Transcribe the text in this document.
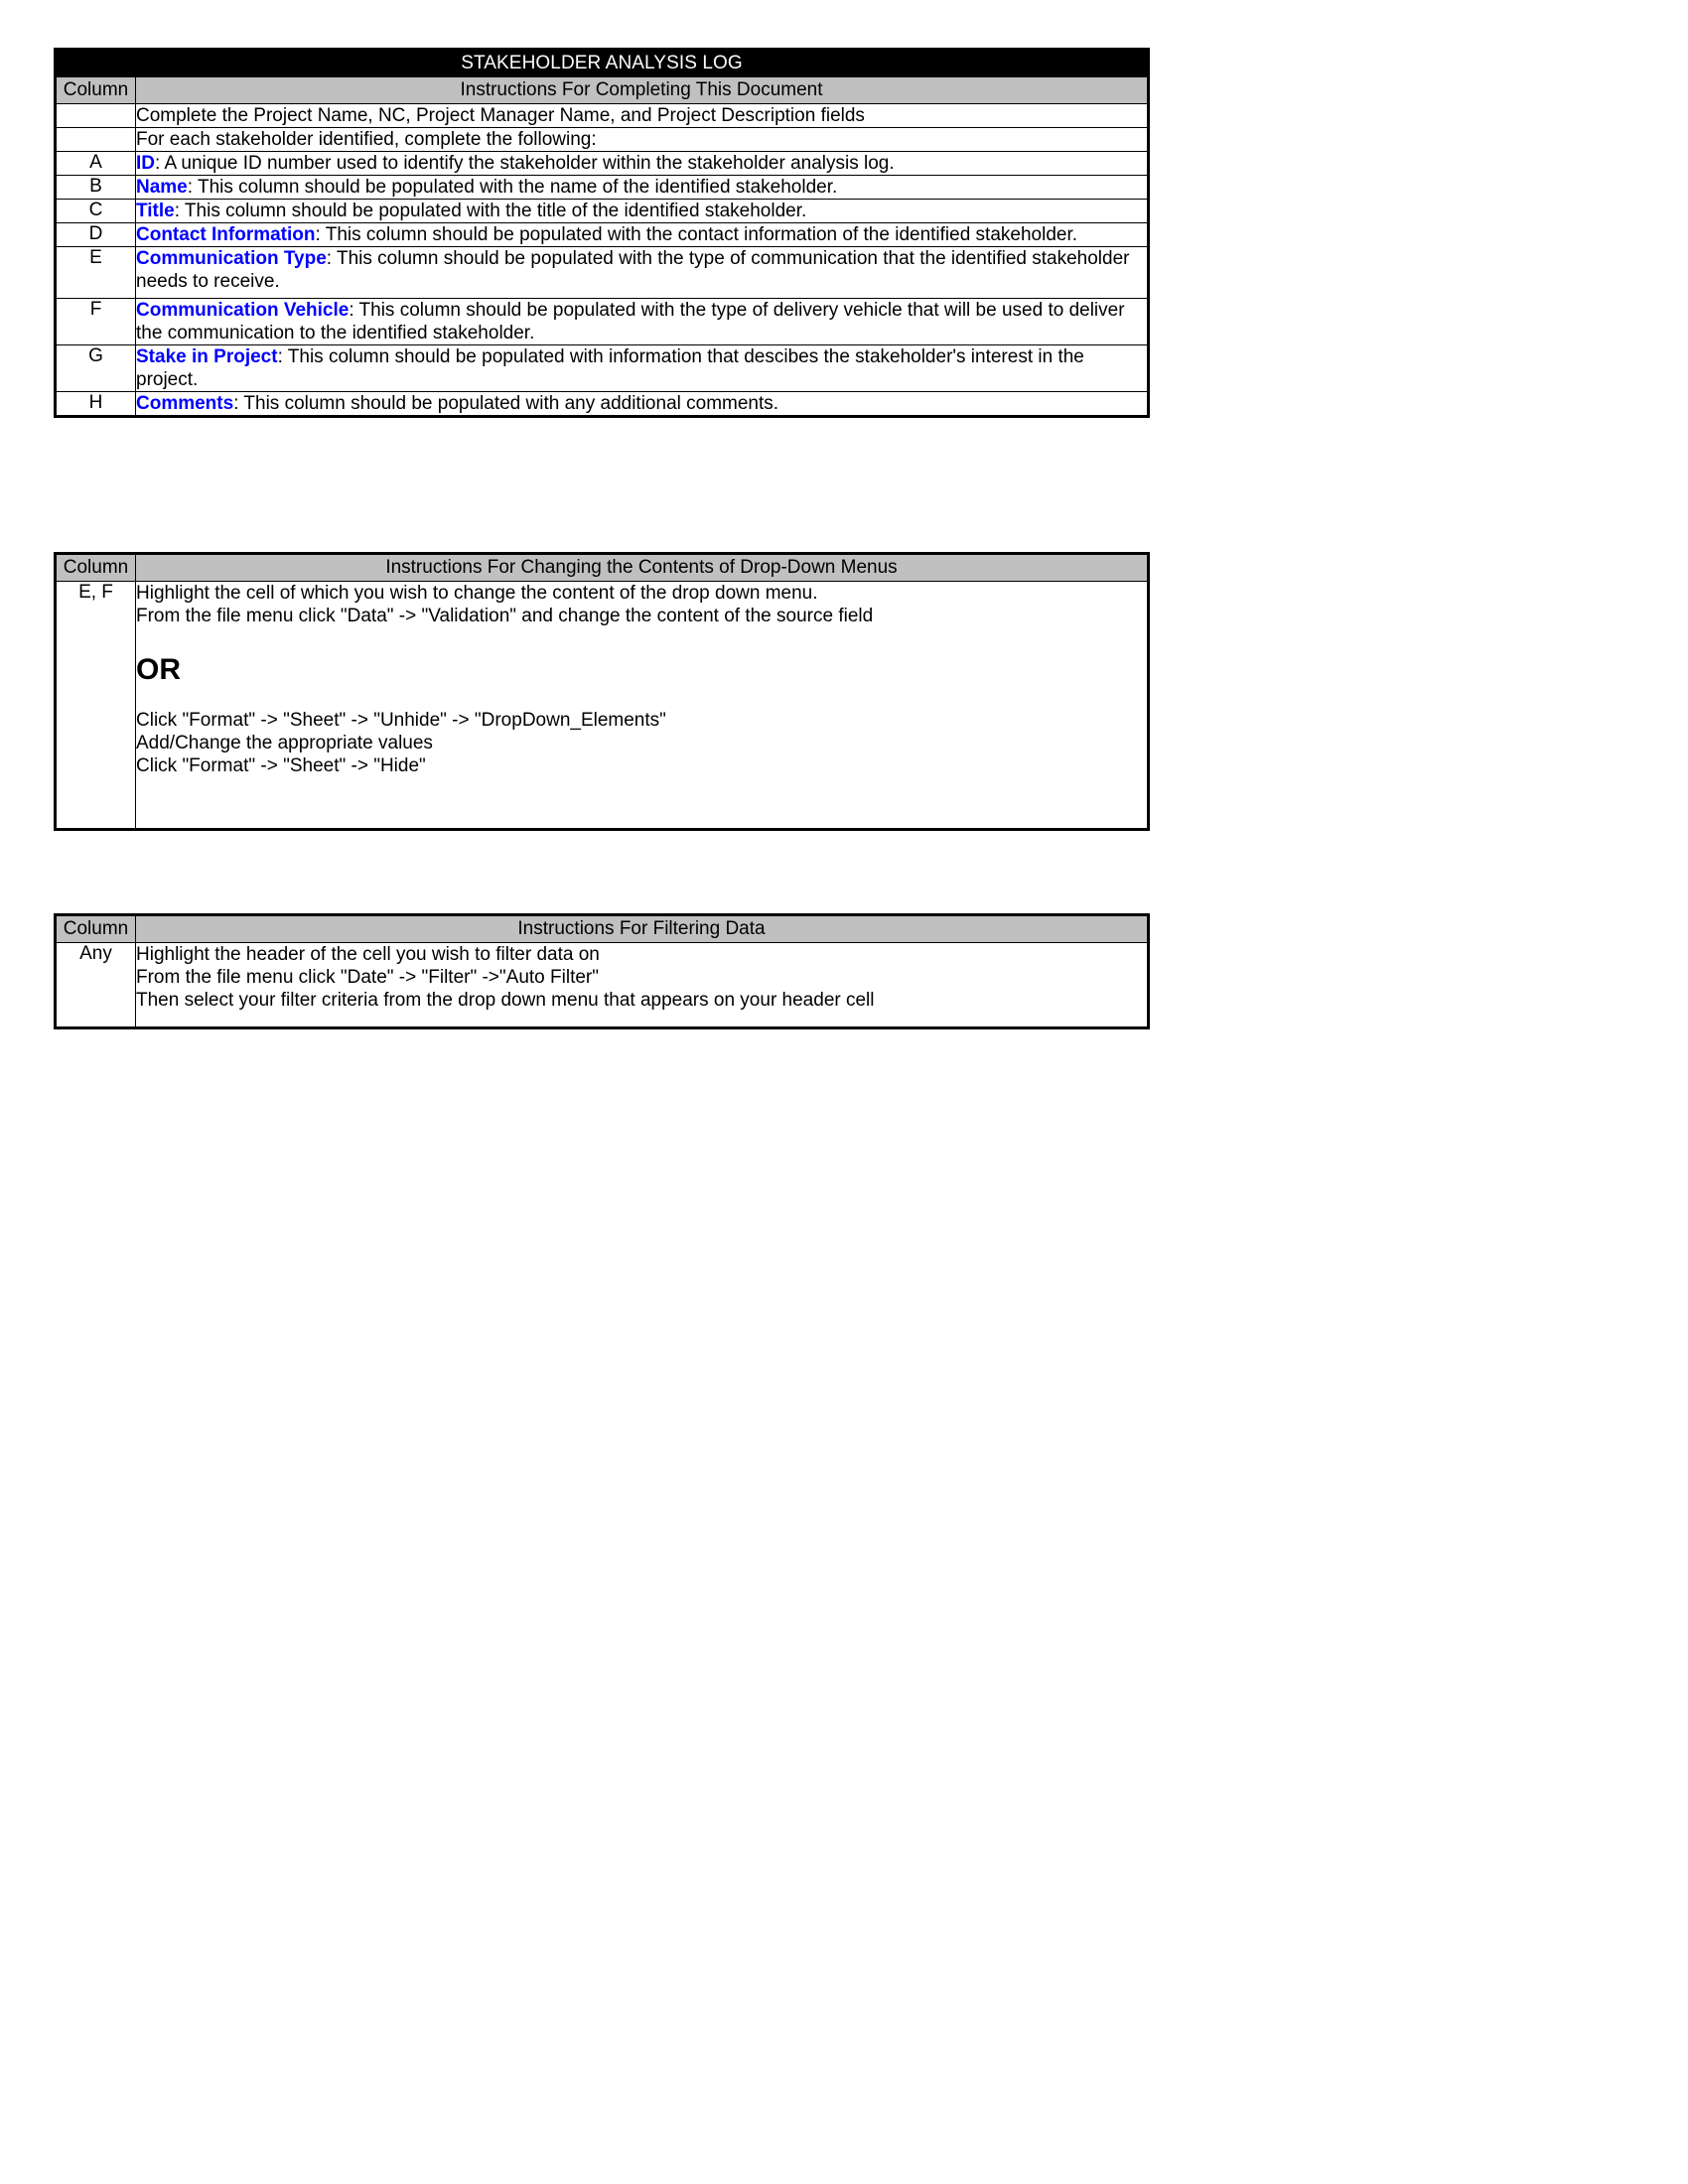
STAKEHOLDER ANALYSIS LOG	
Column	Instructions For Completing This Document
	Complete the Project Name, NC, Project Manager Name, and Project Description fields
	For each stakeholder identified, complete the following:
A	ID: A unique ID number used to identify the stakeholder within the stakeholder analysis log.
B	Name: This column should be populated with the name of the identified stakeholder.
C	Title: This column should be populated with the title of the identified stakeholder.
D	Contact Information: This column should be populated with the contact information of the identified stakeholder.
E	Communication Type: This column should be populated with the type of communication that the identified stakeholder needs to receive.
F	Communication Vehicle: This column should be populated with the type of delivery vehicle that will be used to deliver the communication to the identified stakeholder.
G	Stake in Project: This column should be populated with information that descibes the stakeholder's interest in the project.
H	Comments: This column should be populated with any additional comments.
Column	Instructions For Changing the Contents of Drop-Down Menus
E, F	Highlight the cell of which you wish to change the content of the drop down menu.
From the file menu click "Data" -> "Validation" and change the content of the source field
OR
Click "Format" -> "Sheet" -> "Unhide" -> "DropDown_Elements"
Add/Change the appropriate values
Click "Format" -> "Sheet" -> "Hide"
Column	Instructions For Filtering Data
Any	Highlight the header of the cell you wish to filter data on
From the file menu click "Date" -> "Filter" ->"Auto Filter"
Then select your filter criteria from the drop down menu that appears on your header cell
